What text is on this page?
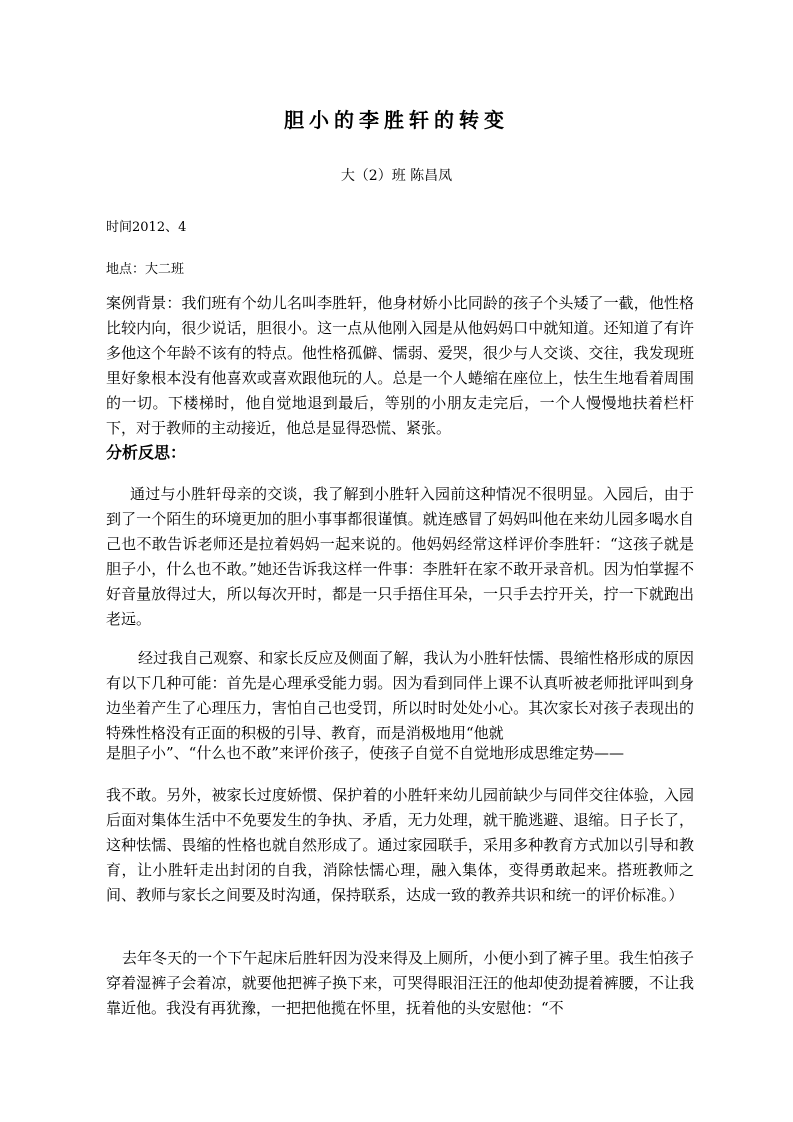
胆小的李胜轩的转变
大（2）班 陈昌凤
时间2012、4
地点：大二班

案例背景：我们班有个幼儿名叫李胜轩，他身材娇小比同龄的孩子个头矮了一截，他性格比较内向，很少说话，胆很小。这一点从他刚入园是从他妈妈口中就知道。还知道了有许多他这个年龄不该有的特点。他性格孤僻、懦弱、爱哭，很少与人交谈、交往，我发现班里好象根本没有他喜欢或喜欢跟他玩的人。总是一个人蜷缩在座位上，怯生生地看着周围的一切。下楼梯时，他自觉地退到最后，等别的小朋友走完后，一个人慢慢地扶着栏杆下，对于教师的主动接近，他总是显得恐慌、紧张。

分析反思：

通过与小胜轩母亲的交谈，我了解到小胜轩入园前这种情况不很明显。入园后，由于到了一个陌生的环境更加的胆小事事都很谨慎。就连感冒了妈妈叫他在来幼儿园多喝水自己也不敢告诉老师还是拉着妈妈一起来说的。他妈妈经常这样评价李胜轩：“这孩子就是胆子小，什么也不敢。”她还告诉我这样一件事：李胜轩在家不敢开录音机。因为怕掌握不好音量放得过大，所以每次开时，都是一只手捂住耳朵，一只手去拧开关，拧一下就跑出老远。

经过我自己观察、和家长反应及侧面了解，我认为小胜轩怯懦、畏缩性格形成的原因有以下几种可能：首先是心理承受能力弱。因为看到同伴上课不认真听被老师批评叫到身边坐着产生了心理压力，害怕自己也受罚，所以时时处处小心。其次家长对孩子表现出的特殊性格没有正面的积极的引导、教育，而是消极地用“他就

是胆子小”、“什么也不敢”来评价孩子，使孩子自觉不自觉地形成思维定势——

我不敢。另外，被家长过度娇惯、保护着的小胜轩来幼儿园前缺少与同伴交往体验，入园后面对集体生活中不免要发生的争执、矛盾，无力处理，就干脆逃避、退缩。日子长了，这种怯懦、畏缩的性格也就自然形成了。通过家园联手，采用多种教育方式加以引导和教育，让小胜轩走出封闭的自我，消除怯懦心理，融入集体，变得勇敢起来。搭班教师之间、教师与家长之间要及时沟通，保持联系，达成一致的教养共识和统一的评价标准。）

去年冬天的一个下午起床后胜轩因为没来得及上厕所，小便小到了裤子里。我生怕孩子穿着湿裤子会着凉，就要他把裤子换下来，可哭得眼泪汪汪的他却使劲提着裤腰，不让我靠近他。我没有再犹豫，一把把他揽在怀里，抚着他的头安慰他：“不
